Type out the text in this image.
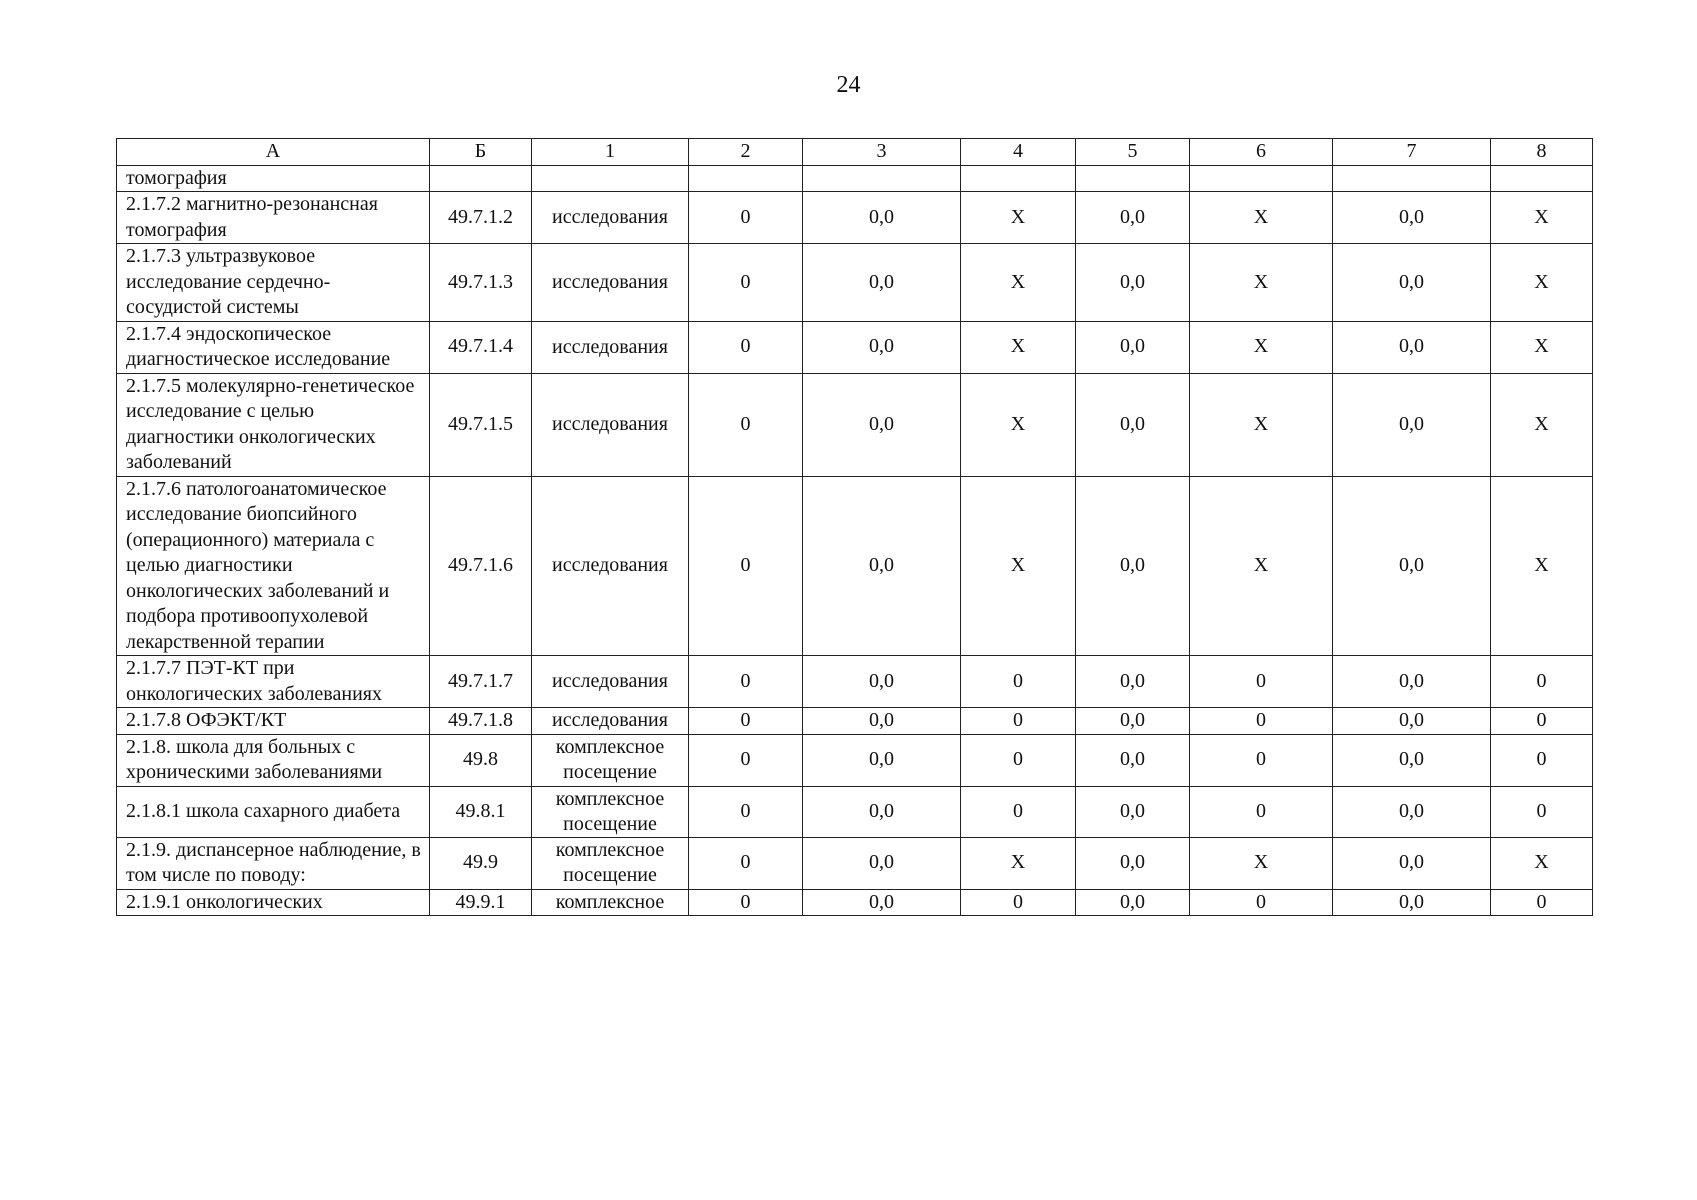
24
А	Б	1	2	3	4	5	6	7	8
томография									
2.1.7.2 магнитно-резонансная томография	49.7.1.2	исследования	0	0,0	Х	0,0	Х	0,0	Х
2.1.7.3 ультразвуковое исследование сердечно-сосудистой системы	49.7.1.3	исследования	0	0,0	Х	0,0	Х	0,0	Х
2.1.7.4 эндоскопическое диагностическое исследование	49.7.1.4	исследования	0	0,0	Х	0,0	Х	0,0	Х
2.1.7.5 молекулярно-генетическое исследование с целью диагностики онкологических заболеваний	49.7.1.5	исследования	0	0,0	Х	0,0	Х	0,0	Х
2.1.7.6 патологоанатомическое исследование биопсийного (операционного) материала с целью диагностики онкологических заболеваний и подбора противоопухолевой лекарственной терапии	49.7.1.6	исследования	0	0,0	Х	0,0	Х	0,0	Х
2.1.7.7 ПЭТ-КТ при онкологических заболеваниях	49.7.1.7	исследования	0	0,0	0	0,0	0	0,0	0
2.1.7.8 ОФЭКТ/КТ	49.7.1.8	исследования	0	0,0	0	0,0	0	0,0	0
2.1.8. школа для больных с хроническими заболеваниями	49.8	комплексное посещение	0	0,0	0	0,0	0	0,0	0
2.1.8.1 школа сахарного диабета	49.8.1	комплексное посещение	0	0,0	0	0,0	0	0,0	0
2.1.9. диспансерное наблюдение, в том числе по поводу:	49.9	комплексное посещение	0	0,0	Х	0,0	Х	0,0	Х
2.1.9.1 онкологических	49.9.1	комплексное	0	0,0	0	0,0	0	0,0	0
